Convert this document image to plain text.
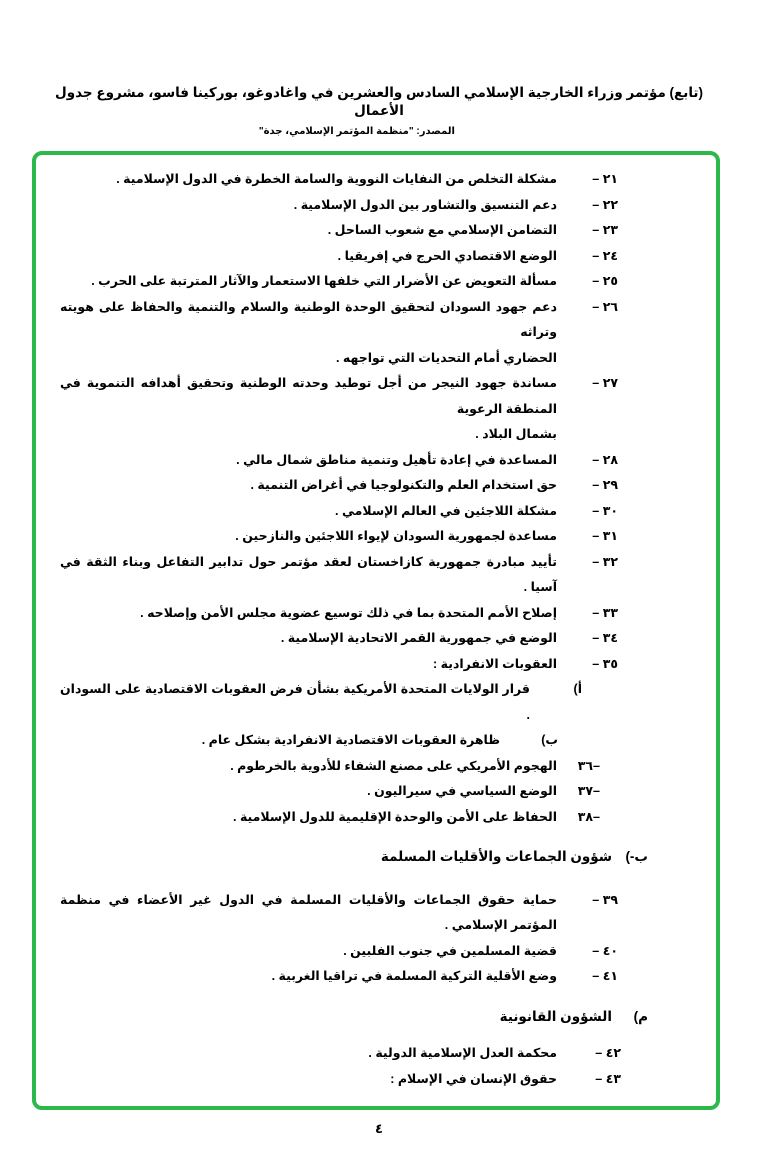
(تابع) مؤتمر وزراء الخارجية الإسلامي السادس والعشرين في واغادوغو، بوركينا فاسو، مشروع جدول الأعمال
المصدر: "منظمة المؤتمر الإسلامي، جدة"
٢١ –
مشكلة التخلص من النفايات النووية والسامة الخطرة في الدول الإسلامية .
٢٢ –
دعم التنسيق والتشاور بين الدول الإسلامية .
٢٣ –
التضامن الإسلامي مع شعوب الساحل .
٢٤ –
الوضع الاقتصادي الحرج في إفريقيا .
٢٥ –
مسألة التعويض عن الأضرار التي خلفها الاستعمار والآثار المترتبة على الحرب .
٢٦ –
دعم جهود السودان لتحقيق الوحدة الوطنية والسلام والتنمية والحفاظ على هويته وتراثه
الحضاري أمام التحديات التي تواجهه .
٢٧ –
مساندة جهود النيجر من أجل توطيد وحدته الوطنية وتحقيق أهدافه التنموية في المنطقة الرعوية
بشمال البلاد .
٢٨ –
المساعدة في إعادة تأهيل وتنمية مناطق شمال مالي .
٢٩ –
حق استخدام العلم والتكنولوجيا في أغراض التنمية .
٣٠ –
مشكلة اللاجئين في العالم الإسلامي .
٣١ –
مساعدة لجمهورية السودان لإيواء اللاجئين والنازحين .
٣٢ –
تأييد مبادرة جمهورية كازاخستان لعقد مؤتمر حول تدابير التفاعل وبناء الثقة في آسيا .
٣٣ –
إصلاح الأمم المتحدة بما في ذلك توسيع عضوية مجلس الأمن وإصلاحه .
٣٤ –
الوضع في جمهورية القمر الاتحادية الإسلامية .
٣٥ –
العقوبات الانفرادية :
أ)
قرار الولايات المتحدة الأمريكية بشأن فرض العقوبات الاقتصادية على السودان .
ب)
ظاهرة العقوبات الاقتصادية الانفرادية بشكل عام .
–٣٦
الهجوم الأمريكي على مصنع الشفاء للأدوية بالخرطوم .
–٣٧
الوضع السياسي في سيراليون .
–٣٨
الحفاظ على الأمن والوحدة الإقليمية للدول الإسلامية .
ب-)
شؤون الجماعات والأقليات المسلمة
٣٩ –
حماية حقوق الجماعات والأقليات المسلمة في الدول غير الأعضاء في منظمة المؤتمر الإسلامي .
٤٠ –
قضية المسلمين في جنوب الفلبين .
٤١ –
وضع الأقلية التركية المسلمة في تراقيا الغربية .
م)
الشؤون القانونية
٤٢ –
محكمة العدل الإسلامية الدولية .
٤٣ –
حقوق الإنسان في الإسلام :
٤
